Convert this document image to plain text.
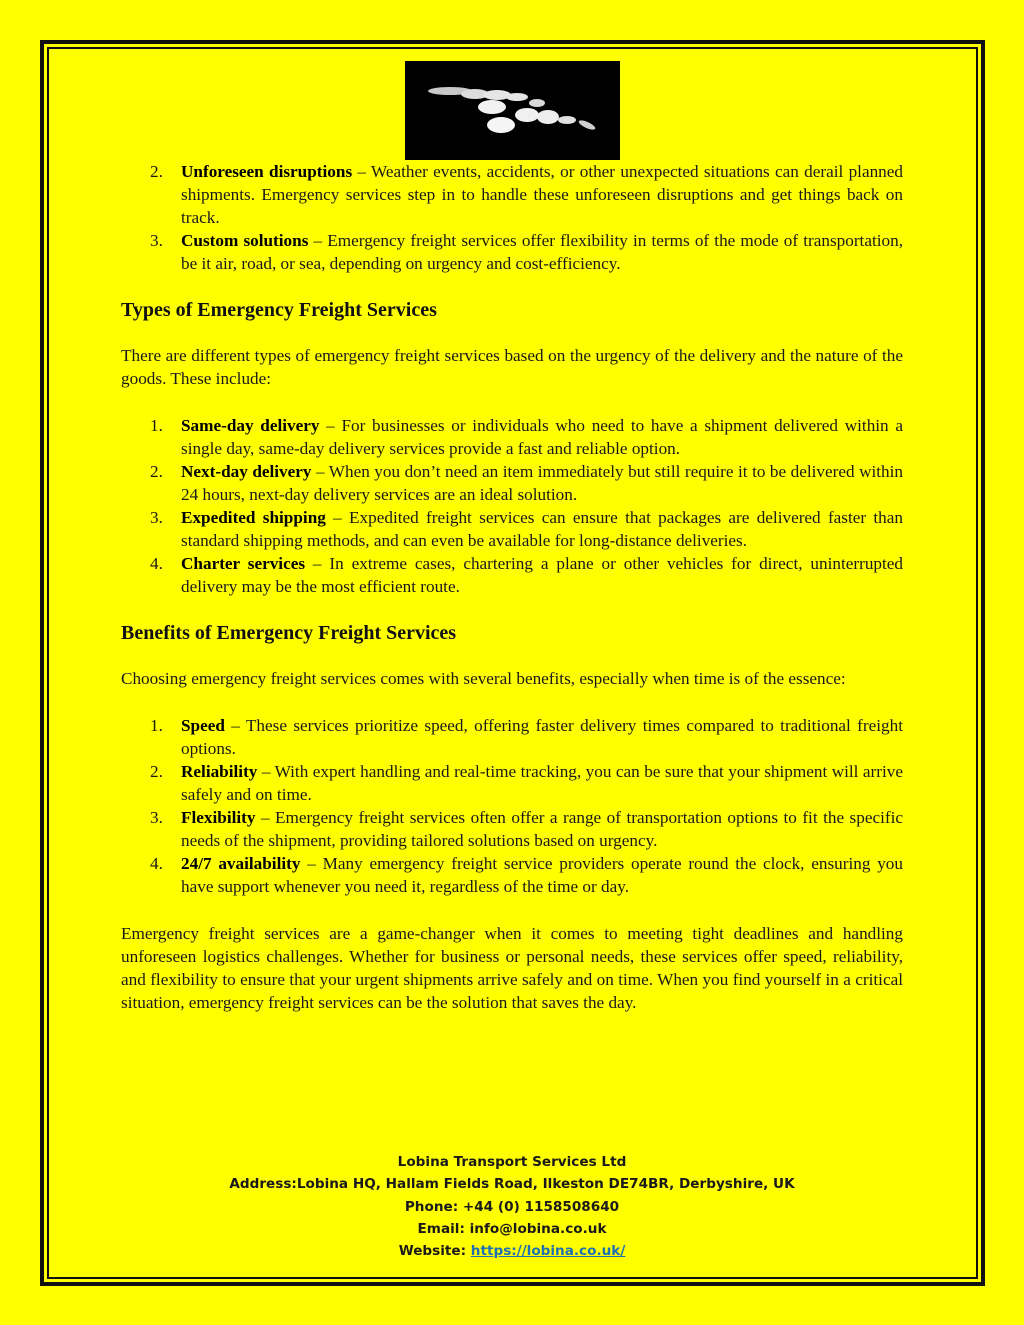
2. Unforeseen disruptions – Weather events, accidents, or other unexpected situations can derail planned shipments. Emergency services step in to handle these unforeseen disruptions and get things back on track.
3. Custom solutions – Emergency freight services offer flexibility in terms of the mode of transportation, be it air, road, or sea, depending on urgency and cost-efficiency.
Types of Emergency Freight Services

There are different types of emergency freight services based on the urgency of the delivery and the nature of the goods. These include:

1. Same-day delivery – For businesses or individuals who need to have a shipment delivered within a single day, same-day delivery services provide a fast and reliable option.
2. Next-day delivery – When you don’t need an item immediately but still require it to be delivered within 24 hours, next-day delivery services are an ideal solution.
3. Expedited shipping – Expedited freight services can ensure that packages are delivered faster than standard shipping methods, and can even be available for long-distance deliveries.
4. Charter services – In extreme cases, chartering a plane or other vehicles for direct, uninterrupted delivery may be the most efficient route.
Benefits of Emergency Freight Services

Choosing emergency freight services comes with several benefits, especially when time is of the essence:

1. Speed – These services prioritize speed, offering faster delivery times compared to traditional freight options.
2. Reliability – With expert handling and real-time tracking, you can be sure that your shipment will arrive safely and on time.
3. Flexibility – Emergency freight services often offer a range of transportation options to fit the specific needs of the shipment, providing tailored solutions based on urgency.
4. 24/7 availability – Many emergency freight service providers operate round the clock, ensuring you have support whenever you need it, regardless of the time or day.

Emergency freight services are a game-changer when it comes to meeting tight deadlines and handling unforeseen logistics challenges. Whether for business or personal needs, these services offer speed, reliability, and flexibility to ensure that your urgent shipments arrive safely and on time. When you find yourself in a critical situation, emergency freight services can be the solution that saves the day.

Lobina Transport Services Ltd
Address:Lobina HQ, Hallam Fields Road, Ilkeston DE74BR, Derbyshire, UK
Phone: +44 (0) 1158508640
Email: info@lobina.co.uk
Website: https://lobina.co.uk/
